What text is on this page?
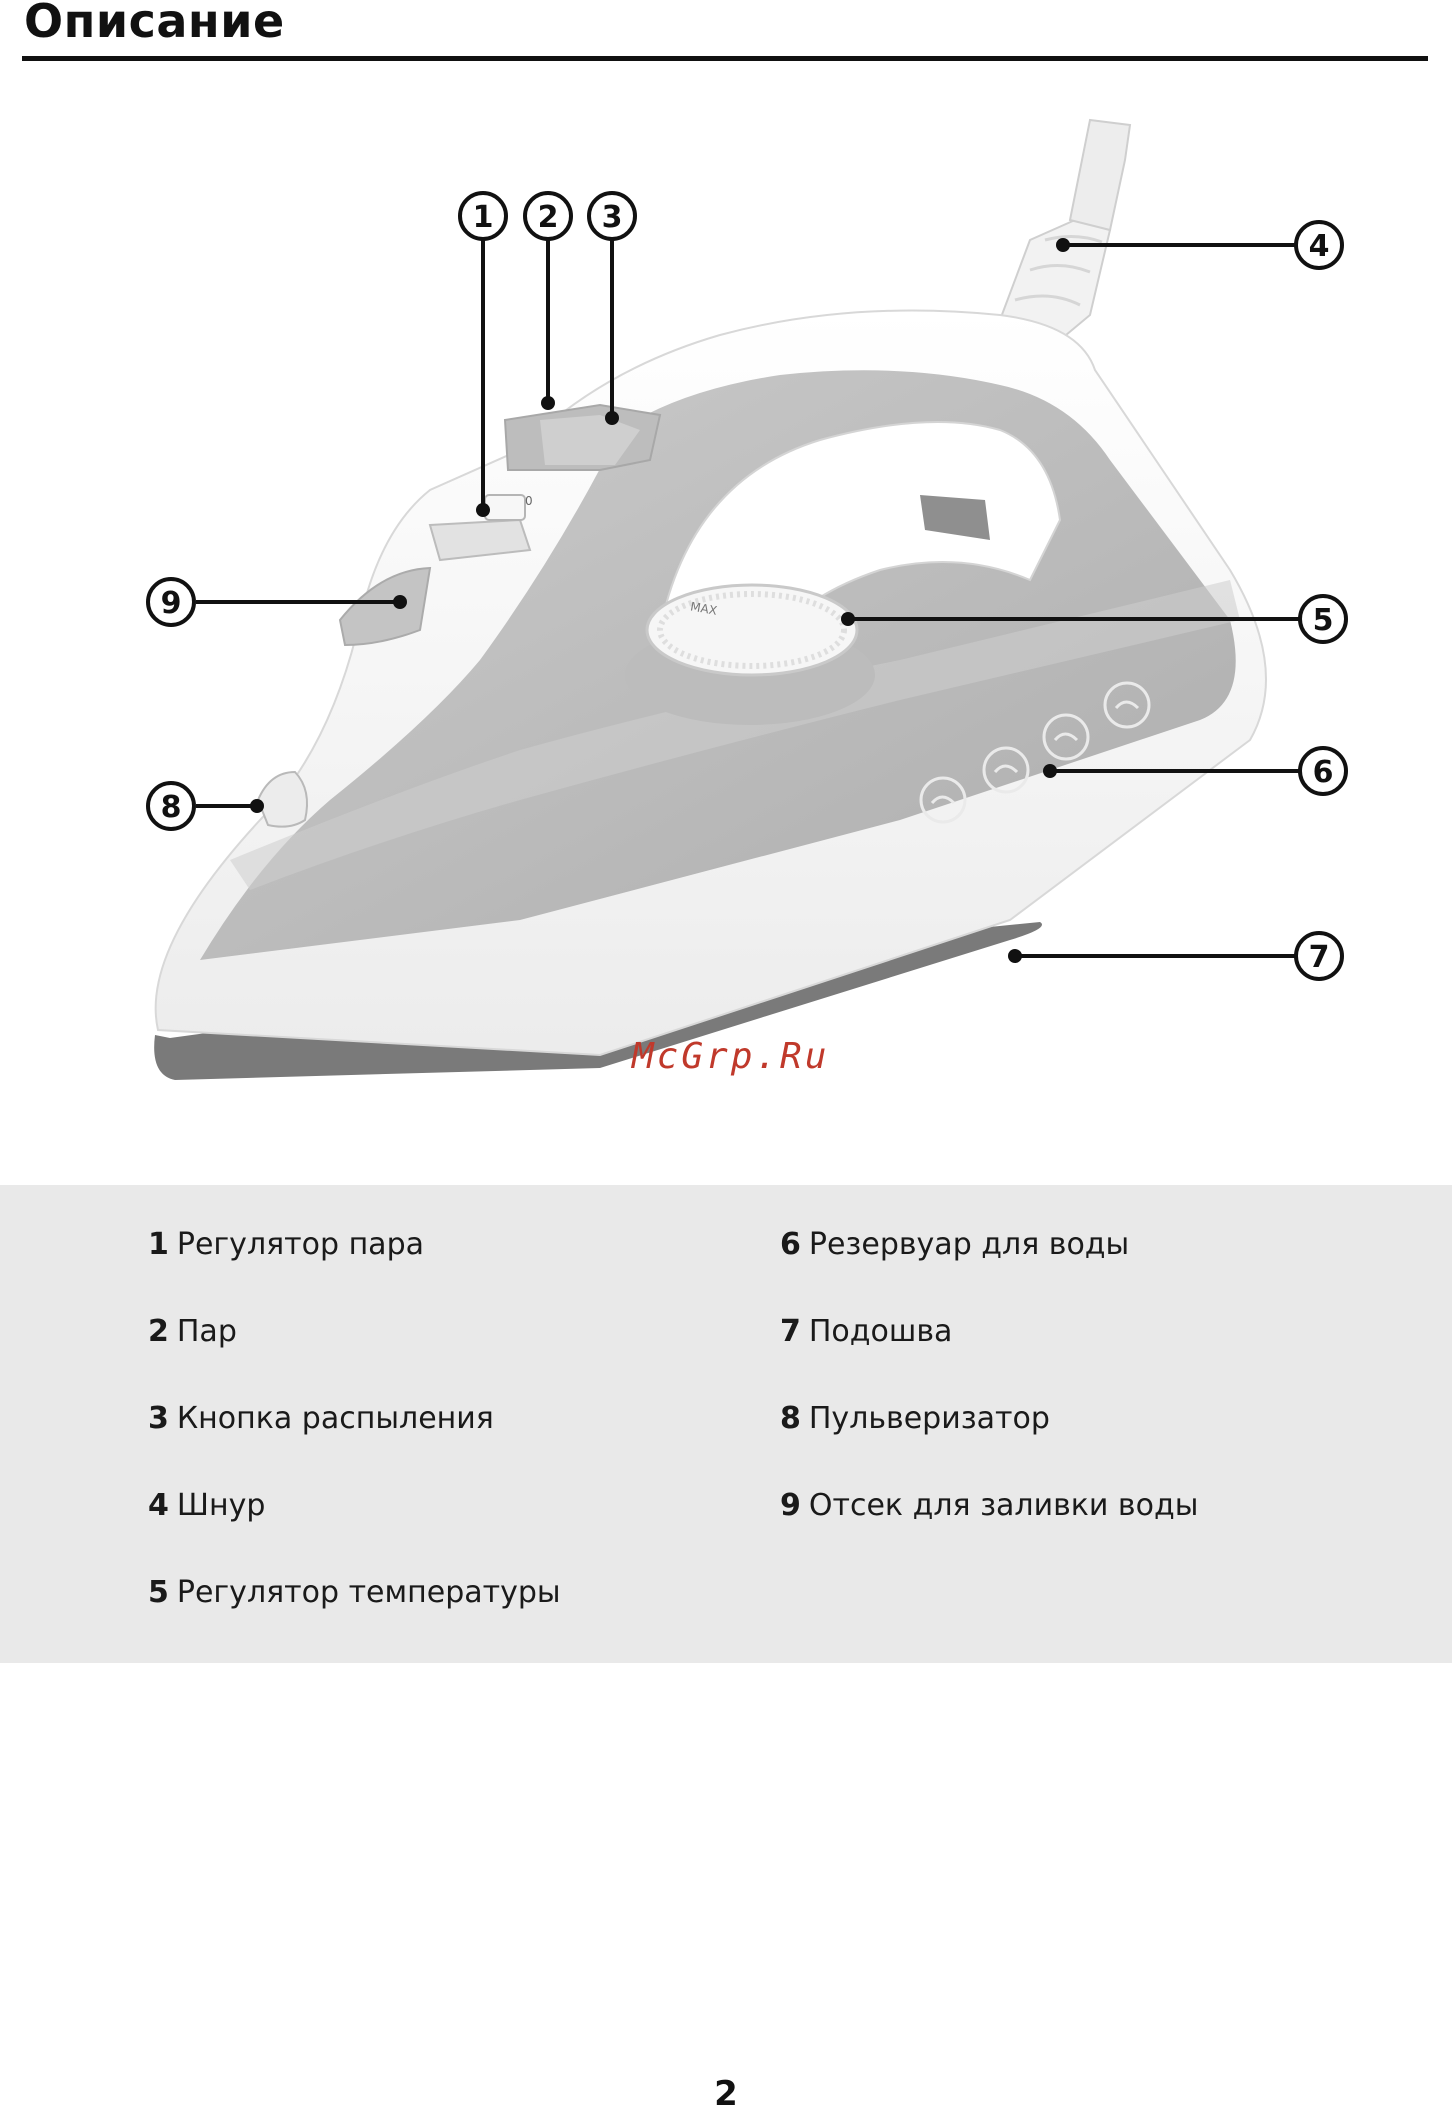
Описание
MAX
1 2 3
4
5
6
7
8
9
0
McGrp.Ru
1 Регулятор пара
2 Пар
3 Кнопка распыления
4 Шнур
5 Регулятор температуры
6 Резервуар для воды
7 Подошва
8 Пульверизатор
9 Отсек для заливки воды
2
